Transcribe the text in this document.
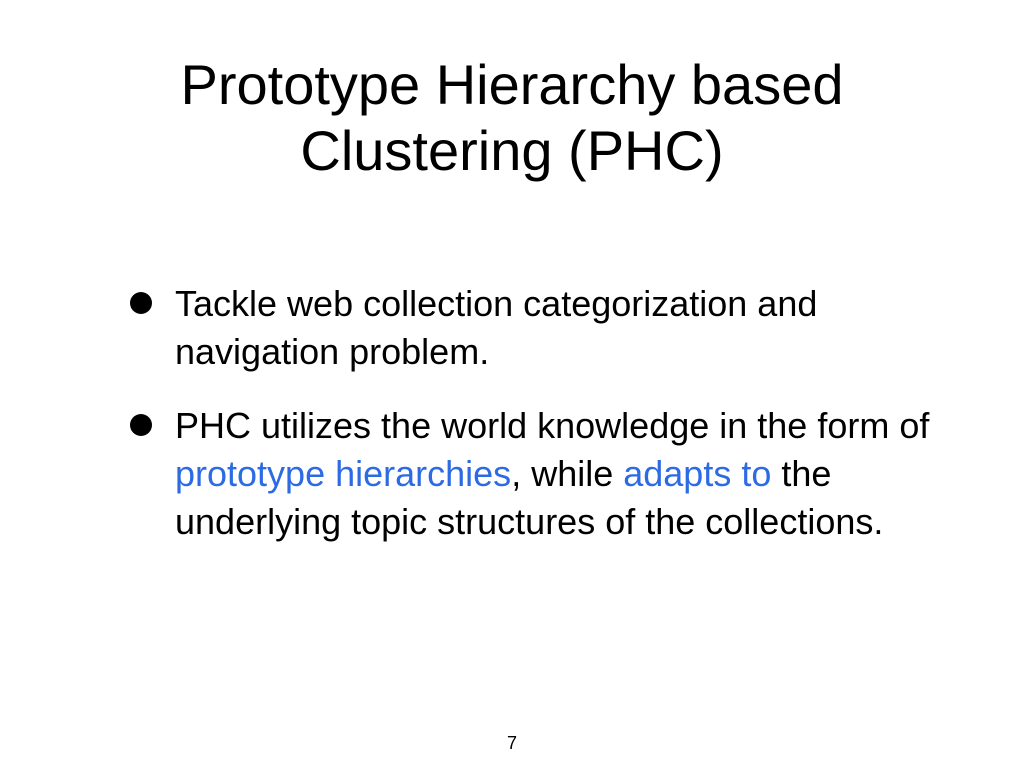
Prototype Hierarchy based
Clustering (PHC)
Tackle web collection categorization and navigation problem.
PHC utilizes the world knowledge in the form of prototype hierarchies, while adapts to the underlying topic structures of the collections.
7
